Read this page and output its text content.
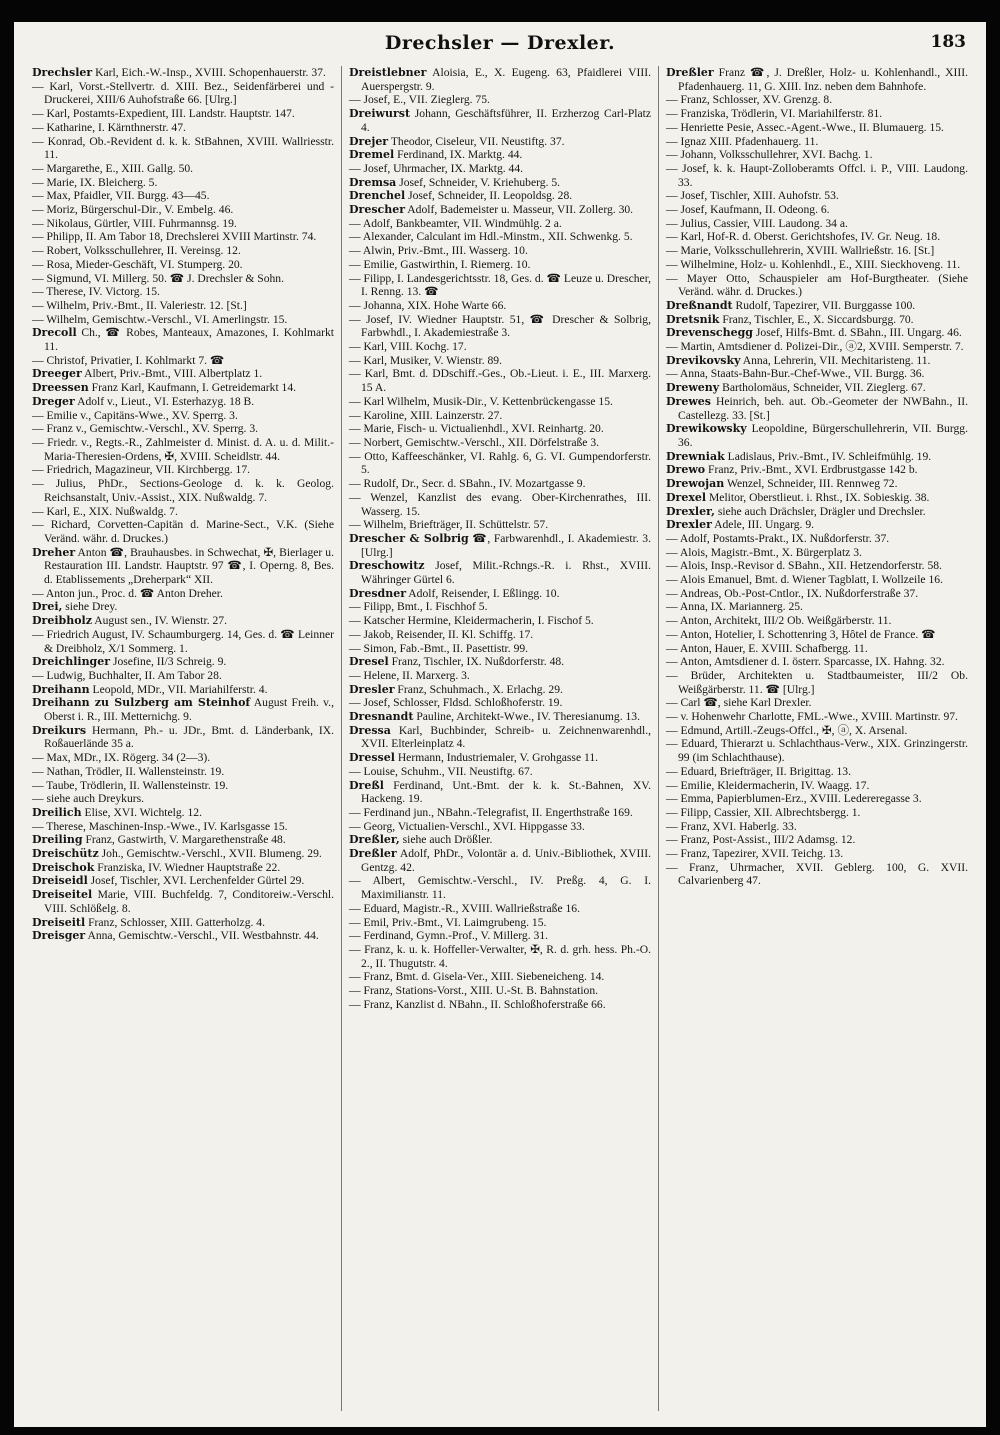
Drechsler — Drexler.	183

Drechsler Karl, Eich.-W.-Insp., XVIII. Schopenhauerstr. 37.

— Karl, Vorst.-Stellvertr. d. XIII. Bez., Seidenfärberei und -Druckerei, XIII/6 Auhofstraße 66. [Ulrg.]

— Karl, Postamts-Expedient, III. Landstr. Hauptstr. 147.

— Katharine, I. Kärnthnerstr. 47.

— Konrad, Ob.-Revident d. k. k. StBahnen, XVIII. Wallriesstr. 11.

— Margarethe, E., XIII. Gallg. 50.

— Marie, IX. Bleicherg. 5.

— Max, Pfaidler, VII. Burgg. 43—45.

— Moriz, Bürgerschul-Dir., V. Embelg. 46.

— Nikolaus, Gürtler, VIII. Fuhrmannsg. 19.

— Philipp, II. Am Tabor 18, Drechslerei XVIII Martinstr. 74.

— Robert, Volksschullehrer, II. Vereinsg. 12.

— Rosa, Mieder-Geschäft, VI. Stumperg. 20.

— Sigmund, VI. Millerg. 50. ☎ J. Drechsler & Sohn.

— Therese, IV. Victorg. 15.

— Wilhelm, Priv.-Bmt., II. Valeriestr. 12. [St.]

— Wilhelm, Gemischtw.-Verschl., VI. Amerlingstr. 15.

Drecoll Ch., ☎ Robes, Manteaux, Amazones, I. Kohlmarkt 11.

— Christof, Privatier, I. Kohlmarkt 7. ☎

Dreeger Albert, Priv.-Bmt., VIII. Albertplatz 1.

Dreessen Franz Karl, Kaufmann, I. Getreidemarkt 14.

Dreger Adolf v., Lieut., VI. Esterhazyg. 18 B.

— Emilie v., Capitäns-Wwe., XV. Sperrg. 3.

— Franz v., Gemischtw.-Verschl., XV. Sperrg. 3.

— Friedr. v., Regts.-R., Zahlmeister d. Minist. d. A. u. d. Milit.-Maria-Theresien-Ordens, ✠, XVIII. Scheidlstr. 44.

— Friedrich, Magazineur, VII. Kirchbergg. 17.

— Julius, PhDr., Sections-Geologe d. k. k. Geolog. Reichsanstalt, Univ.-Assist., XIX. Nußwaldg. 7.

— Karl, E., XIX. Nußwaldg. 7.

— Richard, Corvetten-Capitän d. Marine-Sect., V.K. (Siehe Veränd. währ. d. Druckes.)

Dreher Anton ☎, Brauhausbes. in Schwechat, ✠, Bierlager u. Restauration III. Landstr. Hauptstr. 97 ☎, I. Operng. 8, Bes. d. Etablissements „Dreherpark“ XII.

— Anton jun., Proc. d. ☎ Anton Dreher.

Drei, siehe Drey.

Dreibholz August sen., IV. Wienstr. 27.

— Friedrich August, IV. Schaumburgerg. 14, Ges. d. ☎ Leinner & Dreibholz, X/1 Sommerg. 1.

Dreichlinger Josefine, II/3 Schreig. 9.

— Ludwig, Buchhalter, II. Am Tabor 28.

Dreihann Leopold, MDr., VII. Mariahilferstr. 4.

Dreihann zu Sulzberg am Steinhof August Freih. v., Oberst i. R., III. Metternichg. 9.

Dreikurs Hermann, Ph.- u. JDr., Bmt. d. Länderbank, IX. Roßauerlände 35 a.

— Max, MDr., IX. Rögerg. 34 (2—3).

— Nathan, Trödler, II. Wallensteinstr. 19.

— Taube, Trödlerin, II. Wallensteinstr. 19.

— siehe auch Dreykurs.

Dreilich Elise, XVI. Wichtelg. 12.

— Therese, Maschinen-Insp.-Wwe., IV. Karlsgasse 15.

Dreiling Franz, Gastwirth, V. Margarethenstraße 48.

Dreischütz Joh., Gemischtw.-Verschl., XVII. Blumeng. 29.

Dreischok Franziska, IV. Wiedner Hauptstraße 22.

Dreiseidl Josef, Tischler, XVI. Lerchenfelder Gürtel 29.

Dreiseitel Marie, VIII. Buchfeldg. 7, Conditoreiw.-Verschl. VIII. Schlößelg. 8.

Dreiseitl Franz, Schlosser, XIII. Gatterholzg. 4.

Dreisger Anna, Gemischtw.-Verschl., VII. Westbahnstr. 44.

Dreistlebner Aloisia, E., X. Eugeng. 63, Pfaidlerei VIII. Auerspergstr. 9.

— Josef, E., VII. Zieglerg. 75.

Dreiwurst Johann, Geschäftsführer, II. Erzherzog Carl-Platz 4.

Drejer Theodor, Ciseleur, VII. Neustiftg. 37.

Dremel Ferdinand, IX. Marktg. 44.

— Josef, Uhrmacher, IX. Marktg. 44.

Dremsa Josef, Schneider, V. Kriehuberg. 5.

Drenchel Josef, Schneider, II. Leopoldsg. 28.

Drescher Adolf, Bademeister u. Masseur, VII. Zollerg. 30.

— Adolf, Bankbeamter, VII. Windmühlg. 2 a.

— Alexander, Calculant im Hdl.-Minstm., XII. Schwenkg. 5.

— Alwin, Priv.-Bmt., III. Wasserg. 10.

— Emilie, Gastwirthin, I. Riemerg. 10.

— Filipp, I. Landesgerichtsstr. 18, Ges. d. ☎ Leuze u. Drescher, I. Renng. 13. ☎

— Johanna, XIX. Hohe Warte 66.

— Josef, IV. Wiedner Hauptstr. 51, ☎ Drescher & Solbrig, Farbwhdl., I. Akademiestraße 3.

— Karl, VIII. Kochg. 17.

— Karl, Musiker, V. Wienstr. 89.

— Karl, Bmt. d. DDschiff.-Ges., Ob.-Lieut. i. E., III. Marxerg. 15 A.

— Karl Wilhelm, Musik-Dir., V. Kettenbrückengasse 15.

— Karoline, XIII. Lainzerstr. 27.

— Marie, Fisch- u. Victualienhdl., XVI. Reinhartg. 20.

— Norbert, Gemischtw.-Verschl., XII. Dörfelstraße 3.

— Otto, Kaffeeschänker, VI. Rahlg. 6, G. VI. Gumpendorferstr. 5.

— Rudolf, Dr., Secr. d. SBahn., IV. Mozartgasse 9.

— Wenzel, Kanzlist des evang. Ober-Kirchenrathes, III. Wasserg. 15.

— Wilhelm, Briefträger, II. Schüttelstr. 57.

Drescher & Solbrig ☎, Farbwarenhdl., I. Akademiestr. 3. [Ulrg.]

Dreschowitz Josef, Milit.-Rchngs.-R. i. Rhst., XVIII. Währinger Gürtel 6.

Dresdner Adolf, Reisender, I. Eßlingg. 10.

— Filipp, Bmt., I. Fischhof 5.

— Katscher Hermine, Kleidermacherin, I. Fischof 5.

— Jakob, Reisender, II. Kl. Schiffg. 17.

— Simon, Fab.-Bmt., II. Pasettistr. 99.

Dresel Franz, Tischler, IX. Nußdorferstr. 48.

— Helene, II. Marxerg. 3.

Dresler Franz, Schuhmach., X. Erlachg. 29.

— Josef, Schlosser, Fldsd. Schloßhoferstr. 19.

Dresnandt Pauline, Architekt-Wwe., IV. Theresianumg. 13.

Dressa Karl, Buchbinder, Schreib- u. Zeichnenwarenhdl., XVII. Elterleinplatz 4.

Dressel Hermann, Industriemaler, V. Grohgasse 11.

— Louise, Schuhm., VII. Neustiftg. 67.

Dreßl Ferdinand, Unt.-Bmt. der k. k. St.-Bahnen, XV. Hackeng. 19.

— Ferdinand jun., NBahn.-Telegrafist, II. Engerthstraße 169.

— Georg, Victualien-Verschl., XVI. Hippgasse 33.

Dreßler, siehe auch Drößler.

Dreßler Adolf, PhDr., Volontär a. d. Univ.-Bibliothek, XVIII. Gentzg. 42.

— Albert, Gemischtw.-Verschl., IV. Preßg. 4, G. I. Maximilianstr. 11.

— Eduard, Magistr.-R., XVIII. Wallrießstraße 16.

— Emil, Priv.-Bmt., VI. Laimgrubeng. 15.

— Ferdinand, Gymn.-Prof., V. Millerg. 31.

— Franz, k. u. k. Hoffeller-Verwalter, ✠, R. d. grh. hess. Ph.-O. 2., II. Thugutstr. 4.

— Franz, Bmt. d. Gisela-Ver., XIII. Siebeneicheng. 14.

— Franz, Stations-Vorst., XIII. U.-St. B. Bahnstation.

— Franz, Kanzlist d. NBahn., II. Schloßhoferstraße 66.

Dreßler Franz ☎, J. Dreßler, Holz- u. Kohlenhandl., XIII. Pfadenhauerg. 11, G. XIII. Inz. neben dem Bahnhofe.

— Franz, Schlosser, XV. Grenzg. 8.

— Franziska, Trödlerin, VI. Mariahilferstr. 81.

— Henriette Pesie, Assec.-Agent.-Wwe., II. Blumauerg. 15.

— Ignaz XIII. Pfadenhauerg. 11.

— Johann, Volksschullehrer, XVI. Bachg. 1.

— Josef, k. k. Haupt-Zolloberamts Offcl. i. P., VIII. Laudong. 33.

— Josef, Tischler, XIII. Auhofstr. 53.

— Josef, Kaufmann, II. Odeong. 6.

— Julius, Cassier, VIII. Laudong. 34 a.

— Karl, Hof-R. d. Oberst. Gerichtshofes, IV. Gr. Neug. 18.

— Marie, Volksschullehrerin, XVIII. Wallrießstr. 16. [St.]

— Wilhelmine, Holz- u. Kohlenhdl., E., XIII. Sieckhoveng. 11.

— Mayer Otto, Schauspieler am Hof-Burgtheater. (Siehe Veränd. währ. d. Druckes.)

Dreßnandt Rudolf, Tapezirer, VII. Burggasse 100.

Dretsnik Franz, Tischler, E., X. Siccardsburgg. 70.

Drevenschegg Josef, Hilfs-Bmt. d. SBahn., III. Ungarg. 46.

— Martin, Amtsdiener d. Polizei-Dir., ⓐ2, XVIII. Semperstr. 7.

Drevikovsky Anna, Lehrerin, VII. Mechitaristeng. 11.

— Anna, Staats-Bahn-Bur.-Chef-Wwe., VII. Burgg. 36.

Dreweny Bartholomäus, Schneider, VII. Zieglerg. 67.

Drewes Heinrich, beh. aut. Ob.-Geometer der NWBahn., II. Castellezg. 33. [St.]

Drewikowsky Leopoldine, Bürgerschullehrerin, VII. Burgg. 36.

Drewniak Ladislaus, Priv.-Bmt., IV. Schleifmühlg. 19.

Drewo Franz, Priv.-Bmt., XVI. Erdbrustgasse 142 b.

Drewojan Wenzel, Schneider, III. Rennweg 72.

Drexel Melitor, Oberstlieut. i. Rhst., IX. Sobieskig. 38.

Drexler, siehe auch Drächsler, Drägler und Drechsler.

Drexler Adele, III. Ungarg. 9.

— Adolf, Postamts-Prakt., IX. Nußdorferstr. 37.

— Alois, Magistr.-Bmt., X. Bürgerplatz 3.

— Alois, Insp.-Revisor d. SBahn., XII. Hetzendorferstr. 58.

— Alois Emanuel, Bmt. d. Wiener Tagblatt, I. Wollzeile 16.

— Andreas, Ob.-Post-Cntlor., IX. Nußdorferstraße 37.

— Anna, IX. Mariannerg. 25.

— Anton, Architekt, III/2 Ob. Weißgärberstr. 11.

— Anton, Hotelier, I. Schottenring 3, Hôtel de France. ☎

— Anton, Hauer, E. XVIII. Schafbergg. 11.

— Anton, Amtsdiener d. I. österr. Sparcasse, IX. Hahng. 32.

— Brüder, Architekten u. Stadtbaumeister, III/2 Ob. Weißgärberstr. 11. ☎ [Ulrg.]

— Carl ☎, siehe Karl Drexler.

— v. Hohenwehr Charlotte, FML.-Wwe., XVIII. Martinstr. 97.

— Edmund, Artill.-Zeugs-Offcl., ✠, ⓐ, X. Arsenal.

— Eduard, Thierarzt u. Schlachthaus-Verw., XIX. Grinzingerstr. 99 (im Schlachthause).

— Eduard, Briefträger, II. Brigittag. 13.

— Emilie, Kleidermacherin, IV. Waagg. 17.

— Emma, Papierblumen-Erz., XVIII. Ledereregasse 3.

— Filipp, Cassier, XII. Albrechtsbergg. 1.

— Franz, XVI. Haberlg. 33.

— Franz, Post-Assist., III/2 Adamsg. 12.

— Franz, Tapezirer, XVII. Teichg. 13.

— Franz, Uhrmacher, XVII. Geblerg. 100, G. XVII. Calvarienberg 47.
